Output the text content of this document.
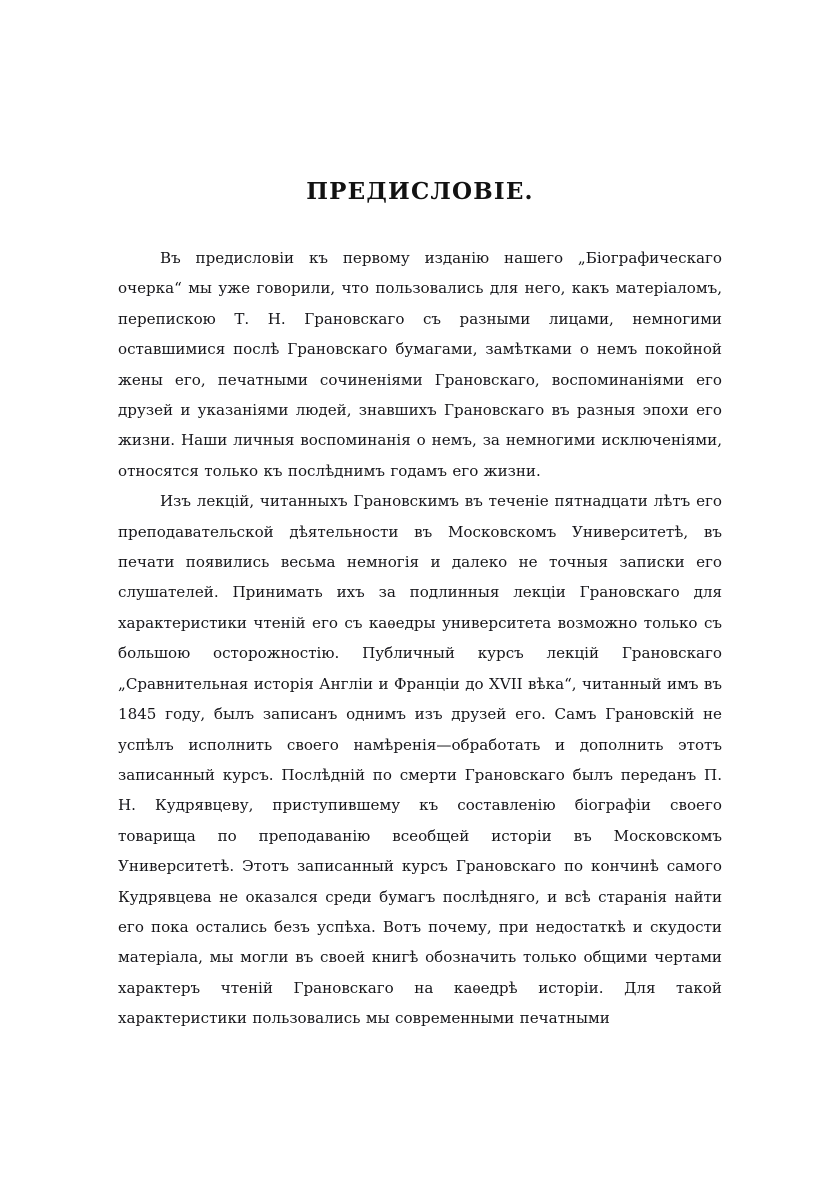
ПРЕДИСЛОВІЕ.

Въ предисловіи къ первому изданію нашего „Біографическаго очерка“ мы уже говорили, что пользовались для него, какъ матеріаломъ, перепискою Т. Н. Грановскаго съ разными лицами, немногими оставшимися послѣ Грановскаго бумагами, замѣтками о немъ покойной жены его, печатными сочиненіями Грановскаго, воспоминаніями его друзей и указаніями людей, знавшихъ Грановскаго въ разныя эпохи его жизни. Наши личныя воспоминанія о немъ, за немногими исключеніями, относятся только къ послѣднимъ годамъ его жизни.

Изъ лекцій, читанныхъ Грановскимъ въ теченіе пятнадцати лѣтъ его преподавательской дѣятельности въ Московскомъ Университетѣ, въ печати появились весьма немногія и далеко не точныя записки его слушателей. Принимать ихъ за подлинныя лекціи Грановскаго для характеристики чтеній его съ каѳедры университета возможно только съ большою осторожностію. Публичный курсъ лекцій Грановскаго „Сравнительная исторія Англіи и Франціи до XVII вѣка“, читанный имъ въ 1845 году, былъ записанъ однимъ изъ друзей его. Самъ Грановскій не успѣлъ исполнить своего намѣренія—обработать и дополнить этотъ записанный курсъ. Послѣдній по смерти Грановскаго былъ переданъ П. Н. Кудрявцеву, приступившему къ составленію біографіи своего товарища по преподаванію всеобщей исторіи въ Московскомъ Университетѣ. Этотъ записанный курсъ Грановскаго по кончинѣ самого Кудрявцева не оказался среди бумагъ послѣдняго, и всѣ старанія найти его пока остались безъ успѣха. Вотъ почему, при недостаткѣ и скудости матеріала, мы могли въ своей книгѣ обозначить только общими чертами характеръ чтеній Грановскаго на каѳедрѣ исторіи. Для такой характеристики пользовались мы современными печатными
